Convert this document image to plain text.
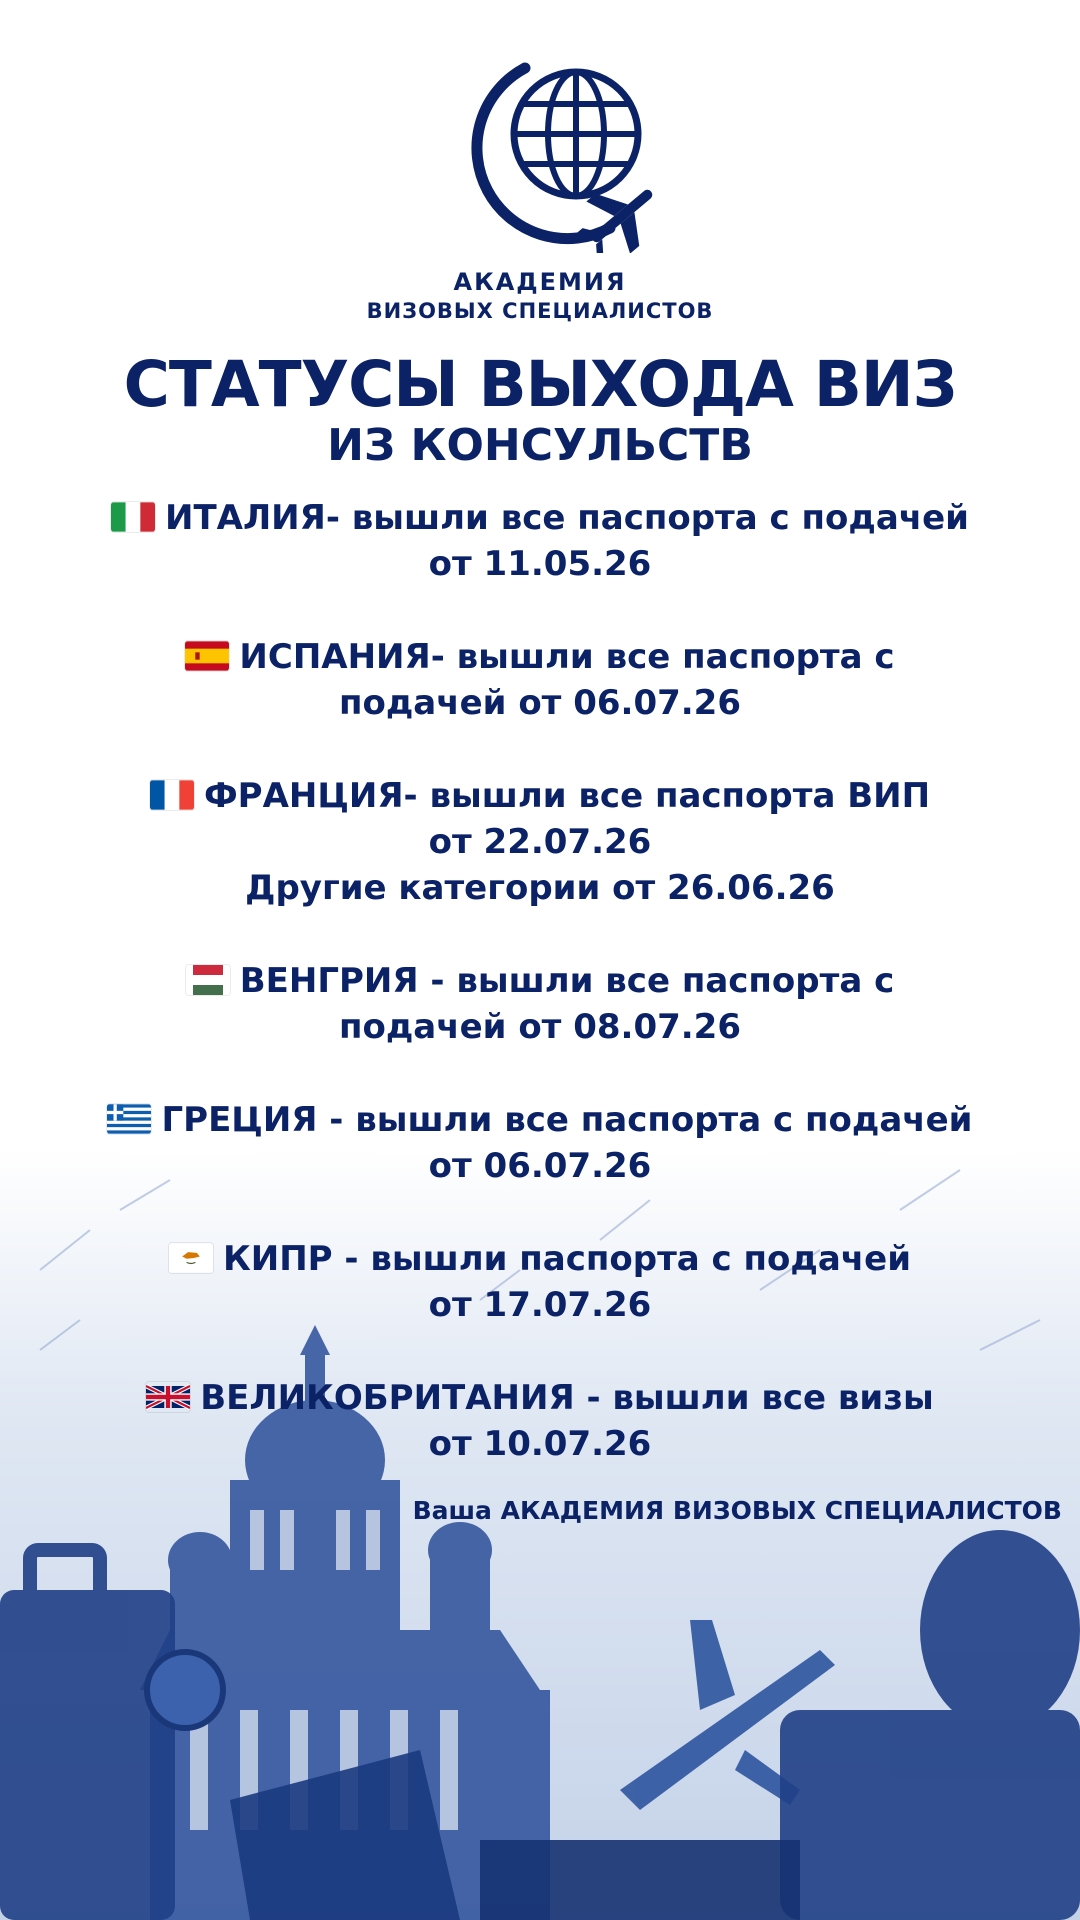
АКАДЕМИЯ
ВИЗОВЫХ СПЕЦИАЛИСТОВ
СТАТУСЫ ВЫХОДА ВИЗ
ИЗ КОНСУЛЬСТВ
ИТАЛИЯ- вышли все паспорта с подачей
от 11.05.26
ИСПАНИЯ- вышли все паспорта с
подачей от 06.07.26
ФРАНЦИЯ- вышли все паспорта ВИП
от 22.07.26
Другие категории от 26.06.26
ВЕНГРИЯ - вышли все паспорта с
подачей от 08.07.26
ГРЕЦИЯ - вышли все паспорта с подачей
от 06.07.26
КИПР - вышли паспорта с подачей
от 17.07.26
ВЕЛИКОБРИТАНИЯ - вышли все визы
от 10.07.26
Ваша АКАДЕМИЯ ВИЗОВЫХ СПЕЦИАЛИСТОВ
